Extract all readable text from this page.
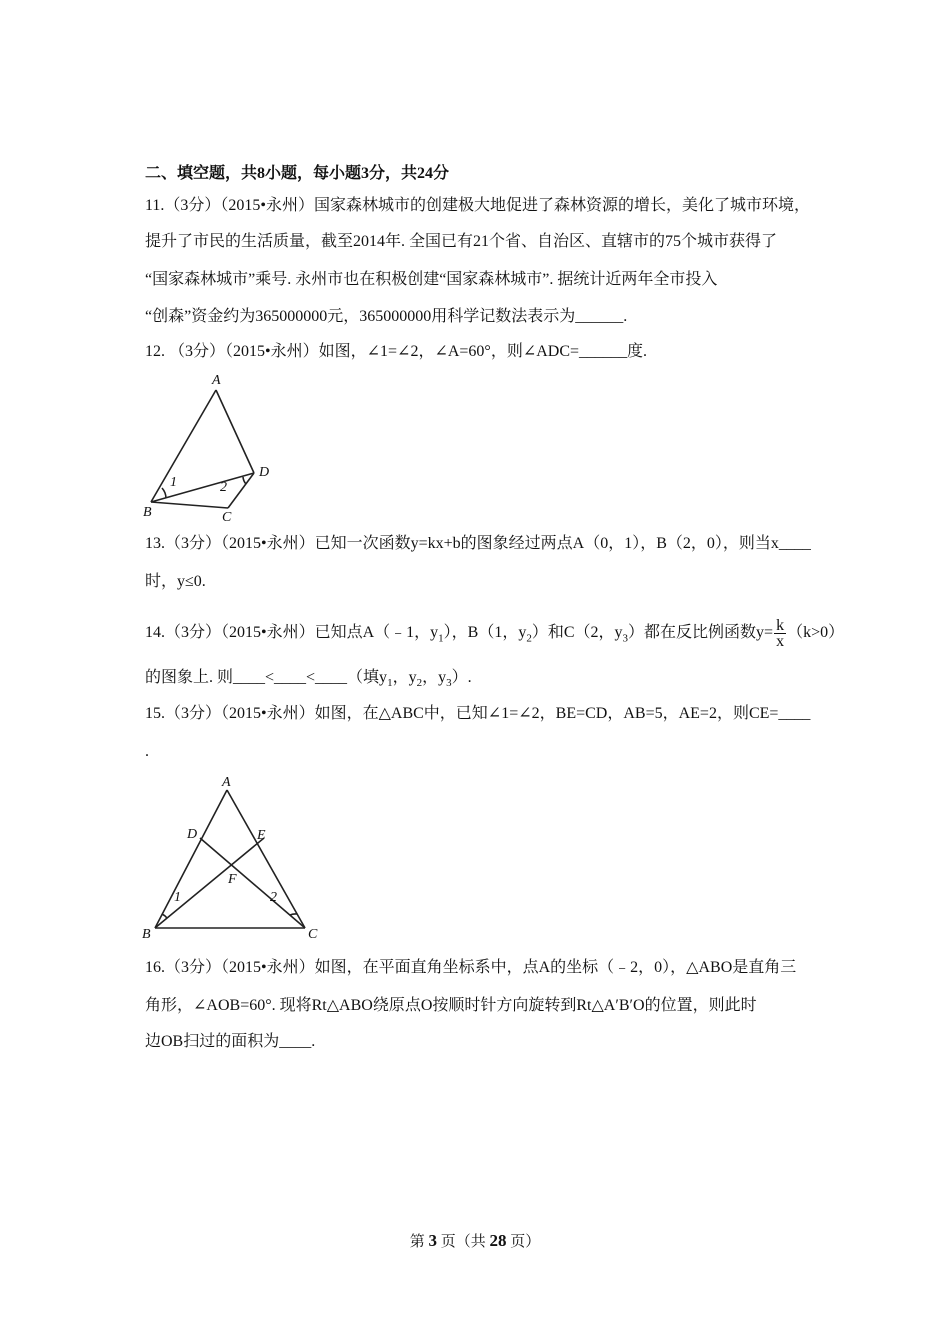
二、填空题，共8小题，每小题3分，共24分
11.（3分）（2015•永州）国家森林城市的创建极大地促进了森林资源的增长，美化了城市环境，
提升了市民的生活质量，截至2014年. 全国已有21个省、自治区、直辖市的75个城市获得了
“国家森林城市”乘号. 永州市也在积极创建“国家森林城市”. 据统计近两年全市投入
“创森”资金约为365000000元，365000000用科学记数法表示为______.
12. （3分）（2015•永州）如图，∠1=∠2，∠A=60°，则∠ADC=______度.
A
B	C
D
1	2
13.（3分）（2015•永州）已知一次函数y=kx+b的图象经过两点A（0，1），B（2，0），则当x____
时，y≤0.
14.（3分）（2015•永州）已知点A（﹣1，$y_1$），B（1，$y_2$）和C（2，$y_3$）都在反比例函数$y= \frac{k}{x} (k>0)$
的图象上. 则____<____<____（填$y_1$，$y_2$，$y_3$）.
15.（3分）（2015•永州）如图，在△ABC中，已知∠1=∠2，BE=CD，AB=5，AE=2，则CE=____
.
A
B	C
D	E
F
1	2
16.（3分）（2015•永州）如图，在平面直角坐标系中，点A的坐标（﹣2，0），△ABO是直角三
角形，∠AOB=60°. 现将Rt△ABO绕原点O按顺时针方向旋转到Rt△A′B′O的位置，则此时
边OB扫过的面积为____.
第 3 页（共 28 页）
